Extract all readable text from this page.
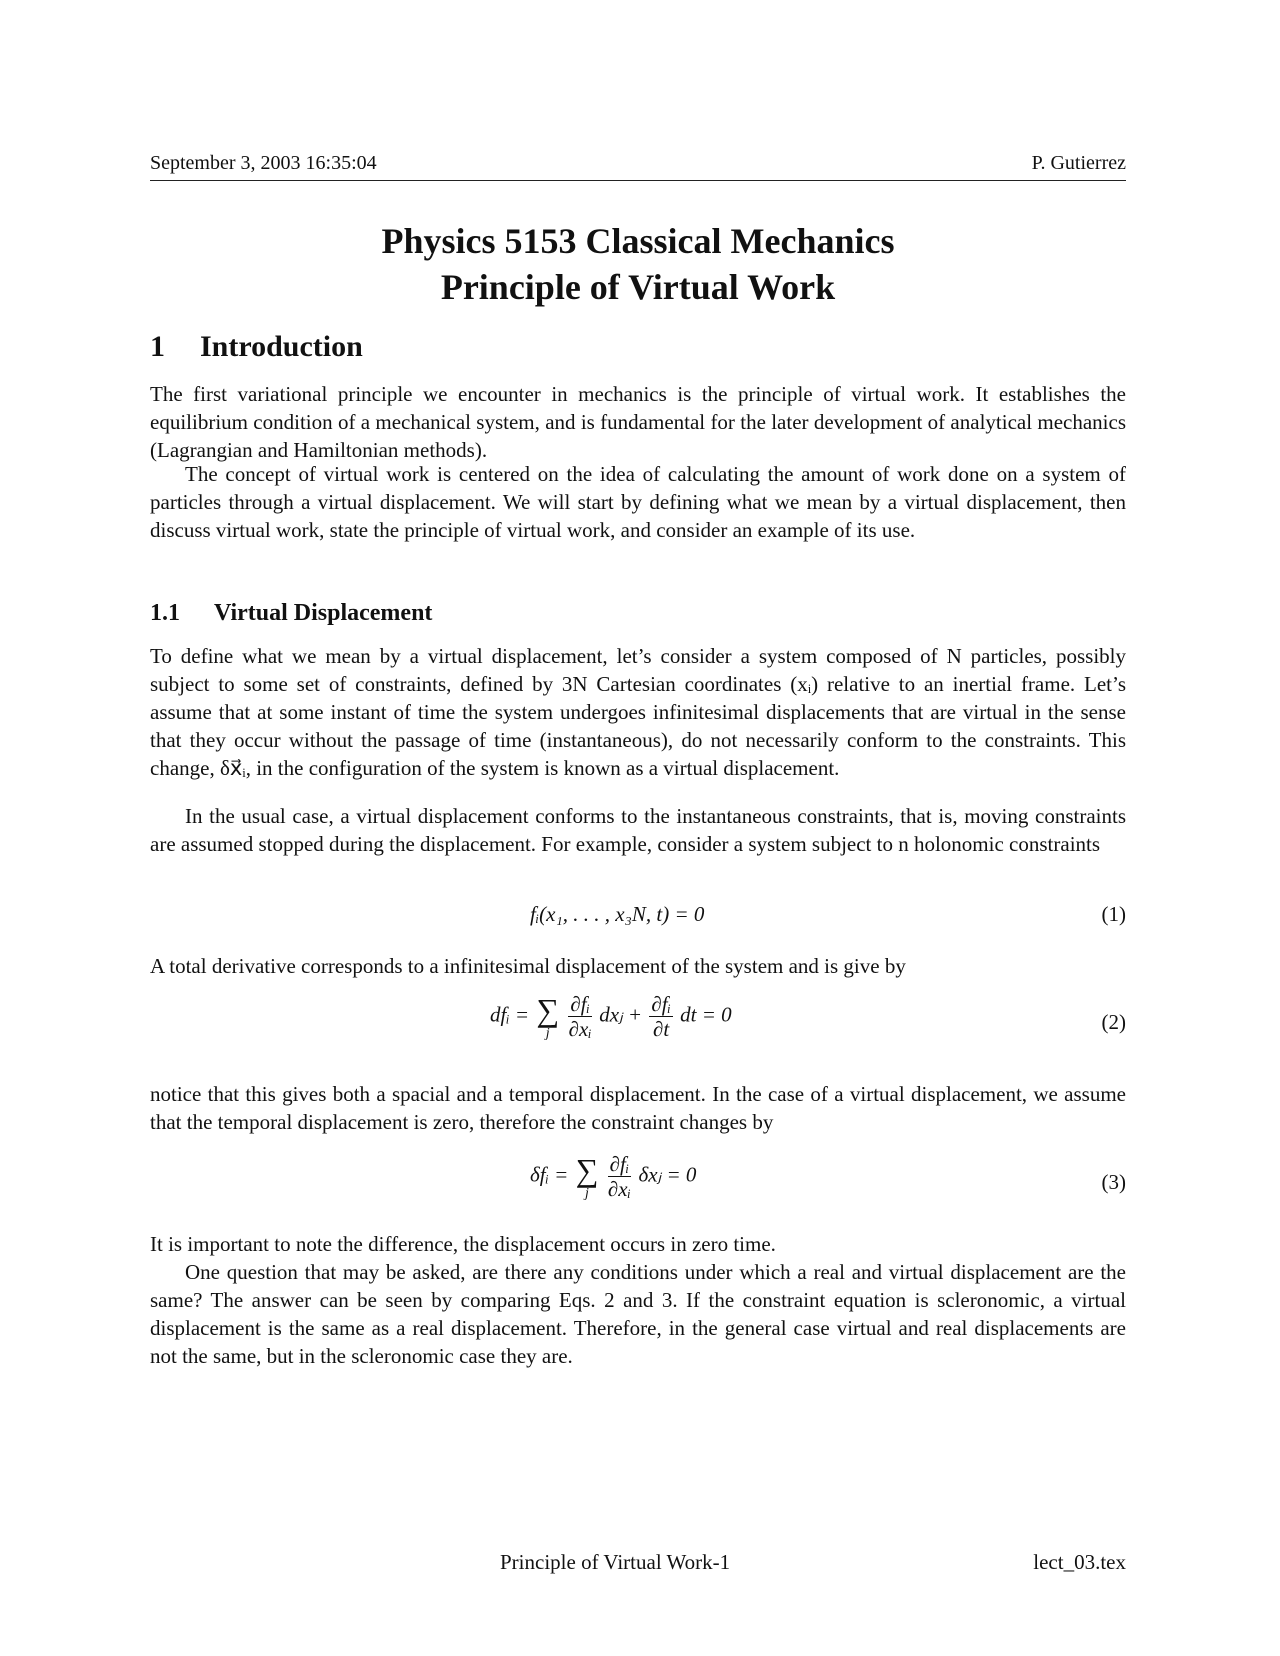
September 3, 2003 16:35:04	P. Gutierrez
Physics 5153 Classical Mechanics
Principle of Virtual Work
1 Introduction
The first variational principle we encounter in mechanics is the principle of virtual work. It establishes the equilibrium condition of a mechanical system, and is fundamental for the later development of analytical mechanics (Lagrangian and Hamiltonian methods).
The concept of virtual work is centered on the idea of calculating the amount of work done on a system of particles through a virtual displacement. We will start by defining what we mean by a virtual displacement, then discuss virtual work, state the principle of virtual work, and consider an example of its use.
1.1 Virtual Displacement
To define what we mean by a virtual displacement, let’s consider a system composed of N particles, possibly subject to some set of constraints, defined by 3N Cartesian coordinates (xᵢ) relative to an inertial frame. Let’s assume that at some instant of time the system undergoes infinitesimal displacements that are virtual in the sense that they occur without the passage of time (instantaneous), do not necessarily conform to the constraints. This change, δx⃗ᵢ, in the configuration of the system is known as a virtual displacement.
In the usual case, a virtual displacement conforms to the instantaneous constraints, that is, moving constraints are assumed stopped during the displacement. For example, consider a system subject to n holonomic constraints
fᵢ(x₁, . . . , x₃N, t) = 0	(1)
A total derivative corresponds to a infinitesimal displacement of the system and is give by
dfᵢ = ∑
j
$\frac{\text{∂fᵢ}}{\text{∂xᵢ}}$ dxⱼ + $\frac{\text{∂fᵢ}}{\partial t}$ dt = 0	(2)
notice that this gives both a spacial and a temporal displacement. In the case of a virtual displacement, we assume that the temporal displacement is zero, therefore the constraint changes by
δfᵢ = ∑
j
$\frac{\text{∂fᵢ}}{\text{∂xᵢ}}$ δxⱼ = 0	(3)
It is important to note the difference, the displacement occurs in zero time.
One question that may be asked, are there any conditions under which a real and virtual displacement are the same? The answer can be seen by comparing Eqs. 2 and 3. If the constraint equation is scleronomic, a virtual displacement is the same as a real displacement. Therefore, in the general case virtual and real displacements are not the same, but in the scleronomic case they are.
Principle of Virtual Work-1	lect_03.tex
